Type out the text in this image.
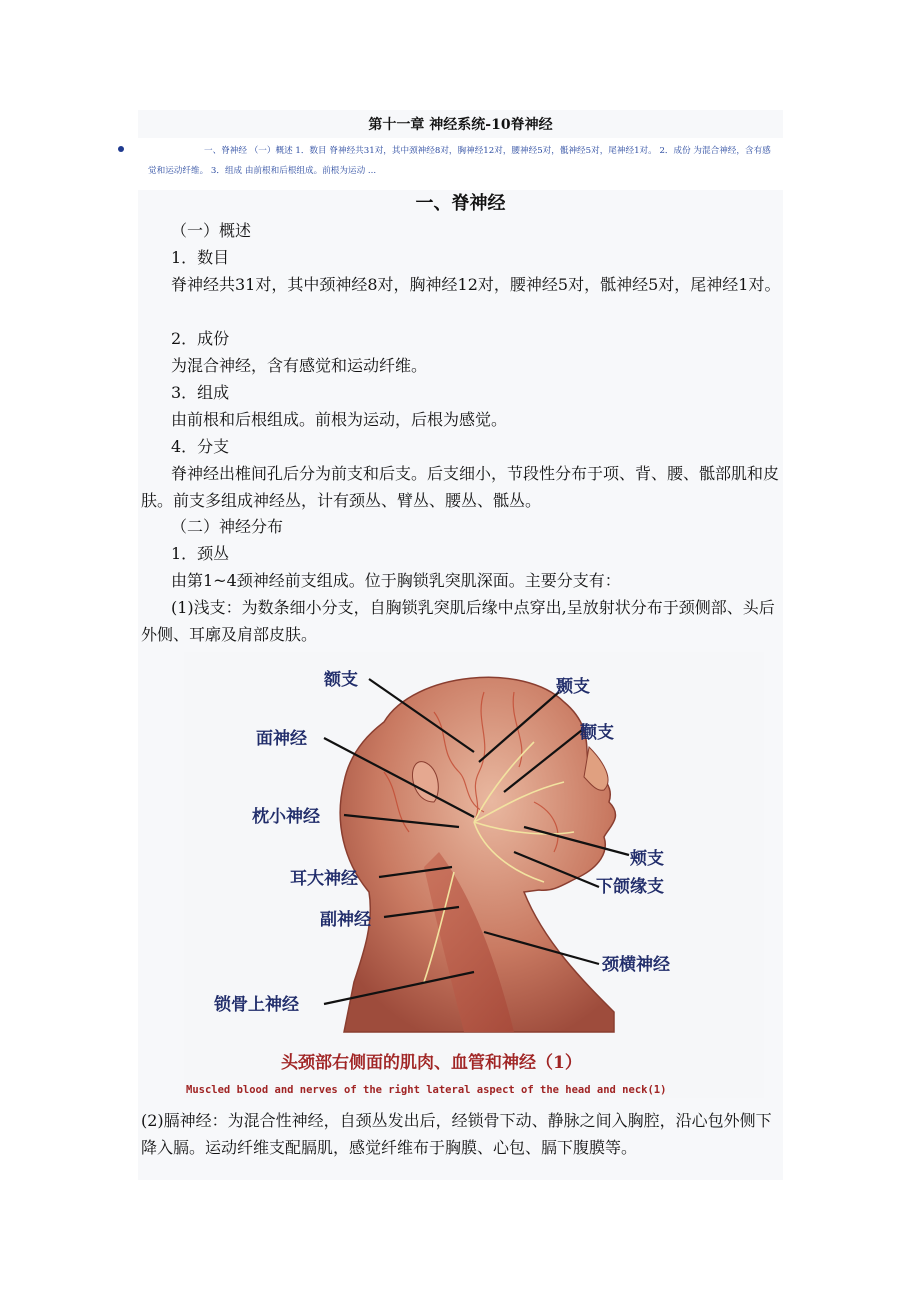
第十一章 神经系统-10脊神经
一、脊神经 （一）概述 1．数目 脊神经共31对，其中颈神经8对，胸神经12对，腰神经5对，骶神经5对，尾神经1对。 2．成份 为混合神经，含有感觉和运动纤维。 3．组成 由前根和后根组成。前根为运动 ...
一、脊神经

（一）概述

1．数目

脊神经共31对，其中颈神经8对，胸神经12对，腰神经5对，骶神经5对，尾神经1对。

2．成份

为混合神经，含有感觉和运动纤维。

3．组成

由前根和后根组成。前根为运动，后根为感觉。

4．分支

脊神经出椎间孔后分为前支和后支。后支细小，节段性分布于项、背、腰、骶部肌和皮肤。前支多组成神经丛，计有颈丛、臂丛、腰丛、骶丛。

（二）神经分布

1．颈丛

由第1~4颈神经前支组成。位于胸锁乳突肌深面。主要分支有：

(1)浅支：为数条细小分支，自胸锁乳突肌后缘中点穿出,呈放射状分布于颈侧部、头后外侧、耳廓及肩部皮肤。

额支	颞支
面神经	颧支
枕小神经
颊支
耳大神经	下颌缘支
副神经
颈横神经
锁骨上神经
头颈部右侧面的肌肉、血管和神经（1）
Muscled blood and nerves of the right lateral aspect of the head and neck(1)

(2)膈神经：为混合性神经，自颈丛发出后，经锁骨下动、静脉之间入胸腔，沿心包外侧下降入膈。运动纤维支配膈肌，感觉纤维布于胸膜、心包、膈下腹膜等。
